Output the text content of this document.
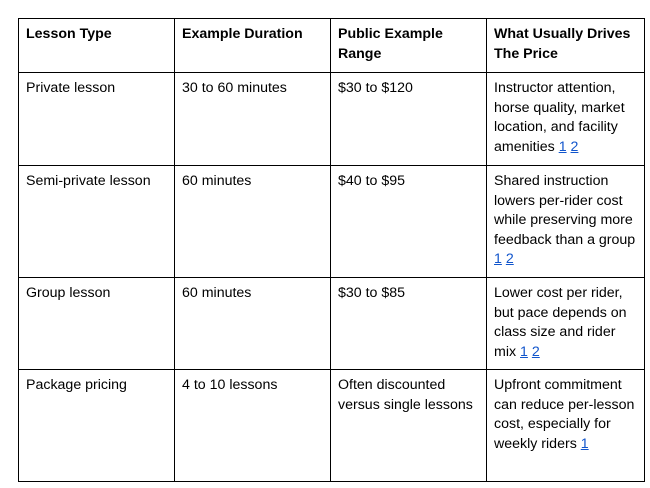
Lesson Type	Example Duration	Public Example Range	What Usually Drives The Price
Private lesson	30 to 60 minutes	$30 to $120	Instructor attention, horse quality, market location, and facility amenities 1 2
Semi-private lesson	60 minutes	$40 to $95	Shared instruction lowers per-rider cost while preserving more feedback than a group 1 2
Group lesson	60 minutes	$30 to $85	Lower cost per rider, but pace depends on class size and rider mix 1 2
Package pricing	4 to 10 lessons	Often discounted versus single lessons	Upfront commitment can reduce per-lesson cost, especially for weekly riders 1
